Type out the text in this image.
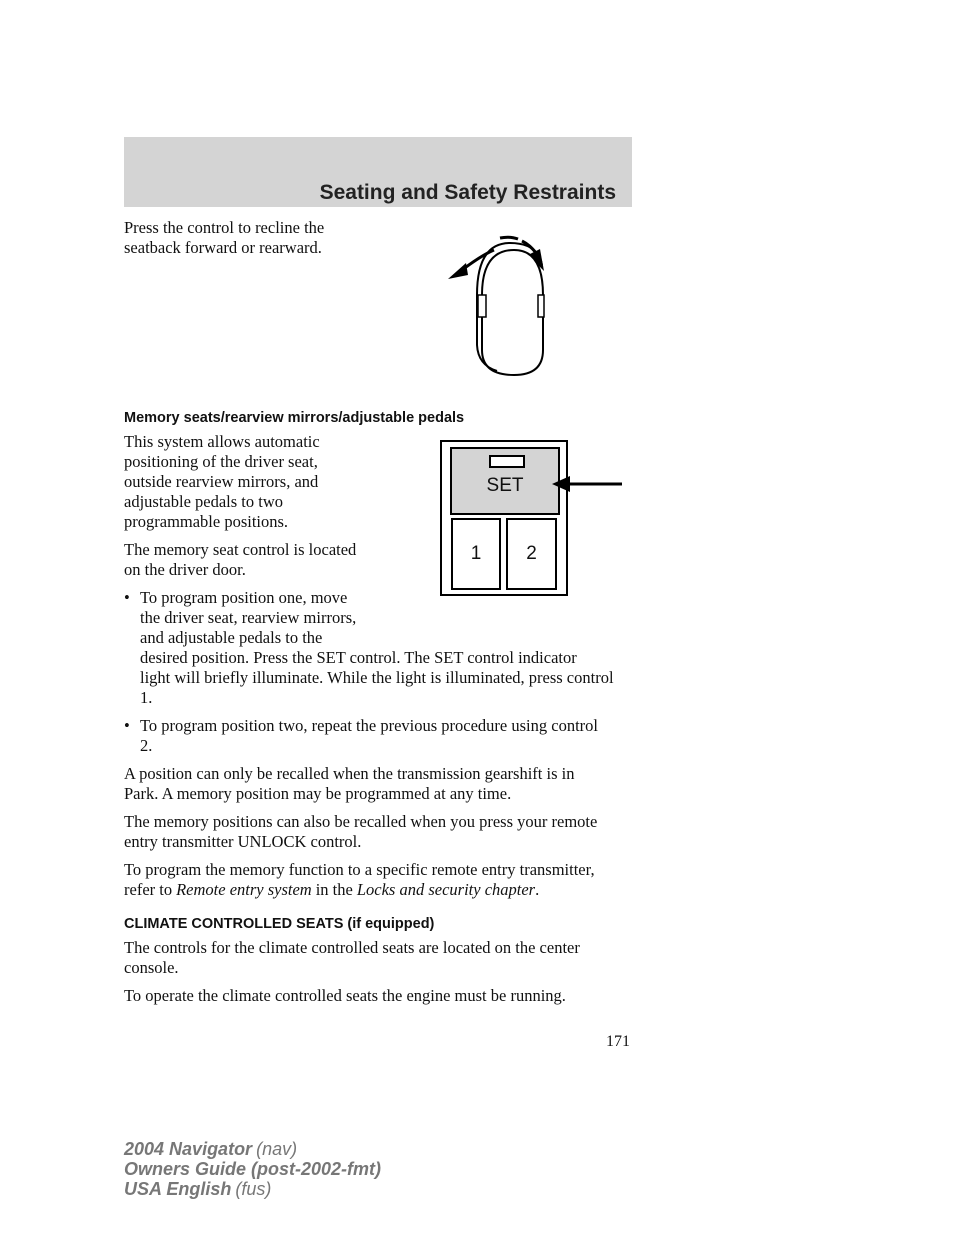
Seating and Safety Restraints

Press the control to recline the

seatback forward or rearward.

Memory seats/rearview mirrors/adjustable pedals

This system allows automatic

positioning of the driver seat,

outside rearview mirrors, and

adjustable pedals to two

programmable positions.

The memory seat control is located

on the driver door.

• To program position one, move

the driver seat, rearview mirrors,

and adjustable pedals to the

desired position. Press the SET control. The SET control indicator

light will briefly illuminate. While the light is illuminated, press control

1.

• To program position two, repeat the previous procedure using control

2.

A position can only be recalled when the transmission gearshift is in

Park. A memory position may be programmed at any time.

The memory positions can also be recalled when you press your remote

entry transmitter UNLOCK control.

To program the memory function to a specific remote entry transmitter,

refer to Remote entry system in the Locks and security chapter.

SET
1	2

CLIMATE CONTROLLED SEATS (if equipped)

The controls for the climate controlled seats are located on the center

console.

To operate the climate controlled seats the engine must be running.

171
2004 Navigator (nav)
Owners Guide (post-2002-fmt)
USA English (fus)
